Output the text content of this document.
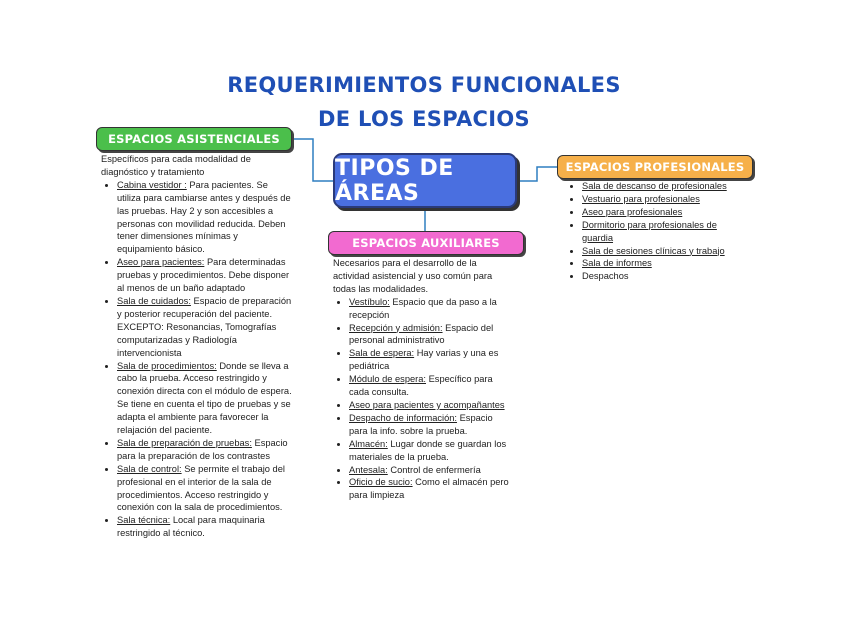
REQUERIMIENTOS FUNCIONALES
DE LOS ESPACIOS
ESPACIOS ASISTENCIALES
ESPACIOS PROFESIONALES
ESPACIOS AUXILIARES
TIPOS DE ÁREAS

Específicos para cada modalidad de diagnóstico y tratamiento

• Cabina vestidor : Para pacientes. Se utiliza para cambiarse antes y después de las pruebas. Hay 2 y son accesibles a personas con movilidad reducida. Deben tener dimensiones mínimas y equipamiento básico.
• Aseo para pacientes: Para determinadas pruebas y procedimientos. Debe disponer al menos de un baño adaptado
• Sala de cuidados: Espacio de preparación y posterior recuperación del paciente. EXCEPTO: Resonancias, Tomografías computarizadas y Radiología intervencionista
• Sala de procedimientos: Donde se lleva a cabo la prueba. Acceso restringido y conexión directa con el módulo de espera. Se tiene en cuenta el tipo de pruebas y se adapta el ambiente para favorecer la relajación del paciente.
• Sala de preparación de pruebas: Espacio para la preparación de los contrastes
• Sala de control: Se permite el trabajo del profesional en el interior de la sala de procedimientos. Acceso restringido y conexión con la sala de procedimientos.
• Sala técnica: Local para maquinaria restringido al técnico.

Necesarios para el desarrollo de la actividad asistencial y uso común para todas las modalidades.

• Vestíbulo: Espacio que da paso a la recepción
• Recepción y admisión: Espacio del personal administrativo
• Sala de espera: Hay varias y una es pediátrica
• Módulo de espera: Específico para cada consulta.
• Aseo para pacientes y acompañantes
• Despacho de información: Espacio para la info. sobre la prueba.
• Almacén: Lugar donde se guardan los materiales de la prueba.
• Antesala: Control de enfermería
• Oficio de sucio: Como el almacén pero para limpieza
• Sala de descanso de profesionales
• Vestuario para profesionales
• Aseo para profesionales
• Dormitorio para profesionales de guardia
• Sala de sesiones clínicas y trabajo
• Sala de informes
• Despachos
